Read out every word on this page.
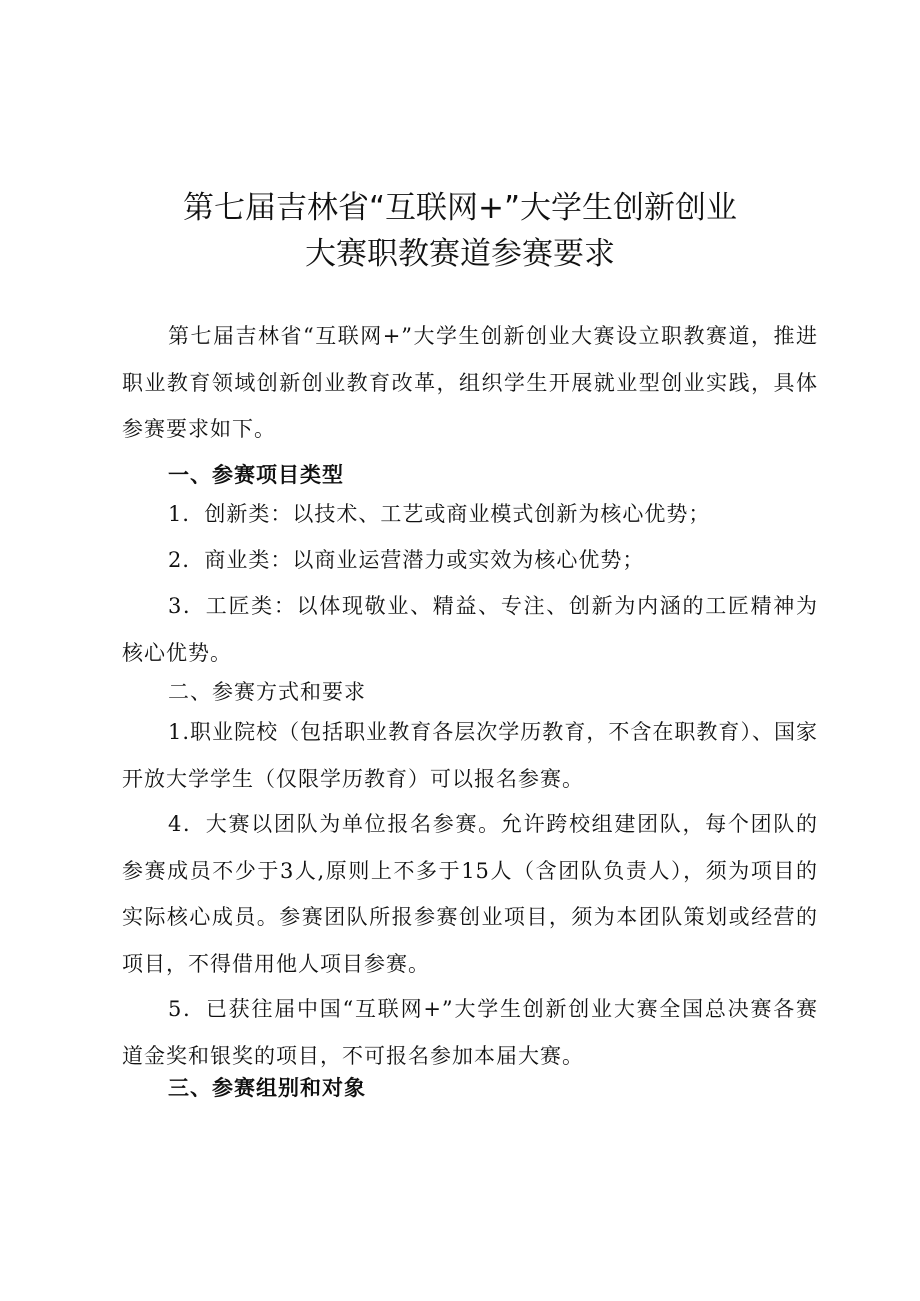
第七届吉林省“互联网+”大学生创新创业
大赛职教赛道参赛要求

第七届吉林省“互联网+”大学生创新创业大赛设立职教赛道，推进职业教育领域创新创业教育改革，组织学生开展就业型创业实践，具体参赛要求如下。

一、参赛项目类型

1．创新类：以技术、工艺或商业模式创新为核心优势；

2．商业类：以商业运营潜力或实效为核心优势；

3．工匠类：以体现敬业、精益、专注、创新为内涵的工匠精神为核心优势。

二、参赛方式和要求

1.职业院校（包括职业教育各层次学历教育，不含在职教育）、国家开放大学学生（仅限学历教育）可以报名参赛。

4．大赛以团队为单位报名参赛。允许跨校组建团队，每个团队的参赛成员不少于3人,原则上不多于15人（含团队负责人），须为项目的实际核心成员。参赛团队所报参赛创业项目，须为本团队策划或经营的项目，不得借用他人项目参赛。

5．已获往届中国“互联网+”大学生创新创业大赛全国总决赛各赛道金奖和银奖的项目，不可报名参加本届大赛。

三、参赛组别和对象
